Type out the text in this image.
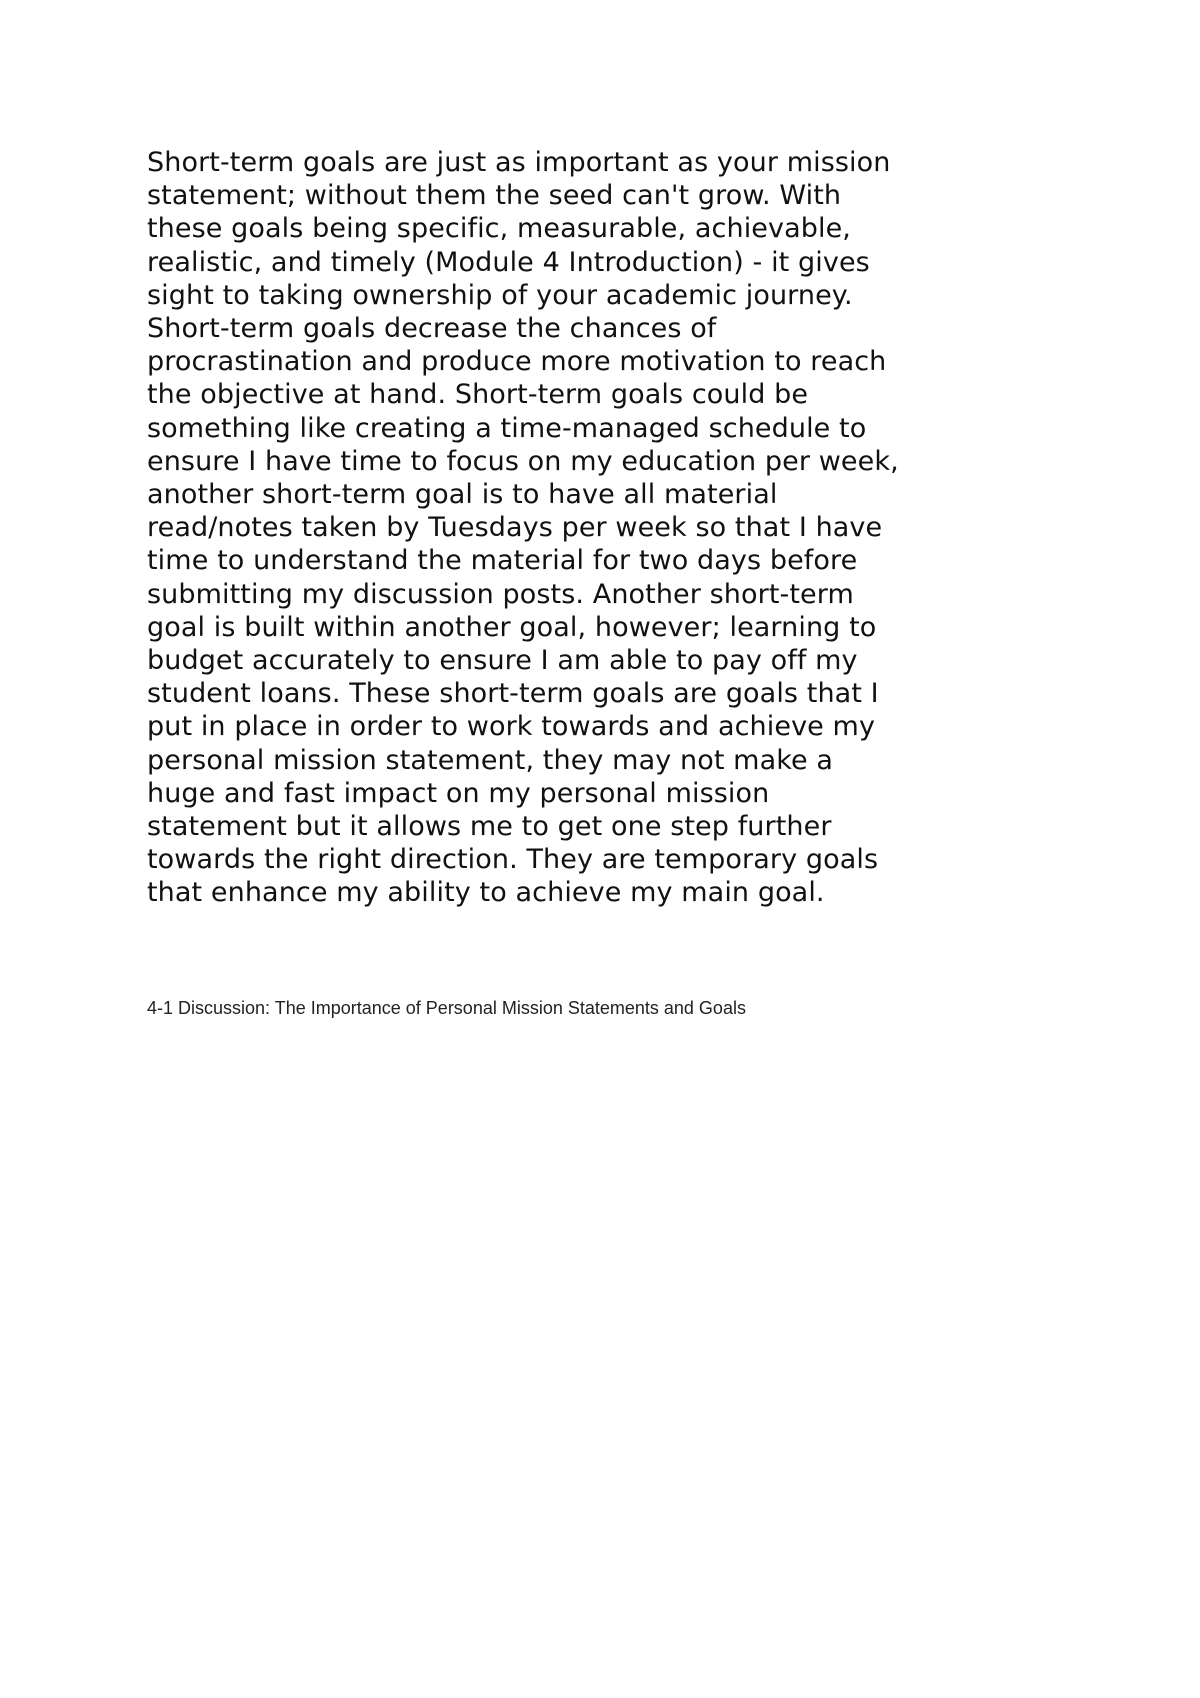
Short-term goals are just as important as your mission
statement; without them the seed can't grow. With
these goals being specific, measurable, achievable,
realistic, and timely (Module 4 Introduction) - it gives
sight to taking ownership of your academic journey.
Short-term goals decrease the chances of
procrastination and produce more motivation to reach
the objective at hand. Short-term goals could be
something like creating a time-managed schedule to
ensure I have time to focus on my education per week,
another short-term goal is to have all material
read/notes taken by Tuesdays per week so that I have
time to understand the material for two days before
submitting my discussion posts. Another short-term
goal is built within another goal, however; learning to
budget accurately to ensure I am able to pay off my
student loans. These short-term goals are goals that I
put in place in order to work towards and achieve my
personal mission statement, they may not make a
huge and fast impact on my personal mission
statement but it allows me to get one step further
towards the right direction. They are temporary goals
that enhance my ability to achieve my main goal.
4-1 Discussion: The Importance of Personal Mission Statements and Goals
